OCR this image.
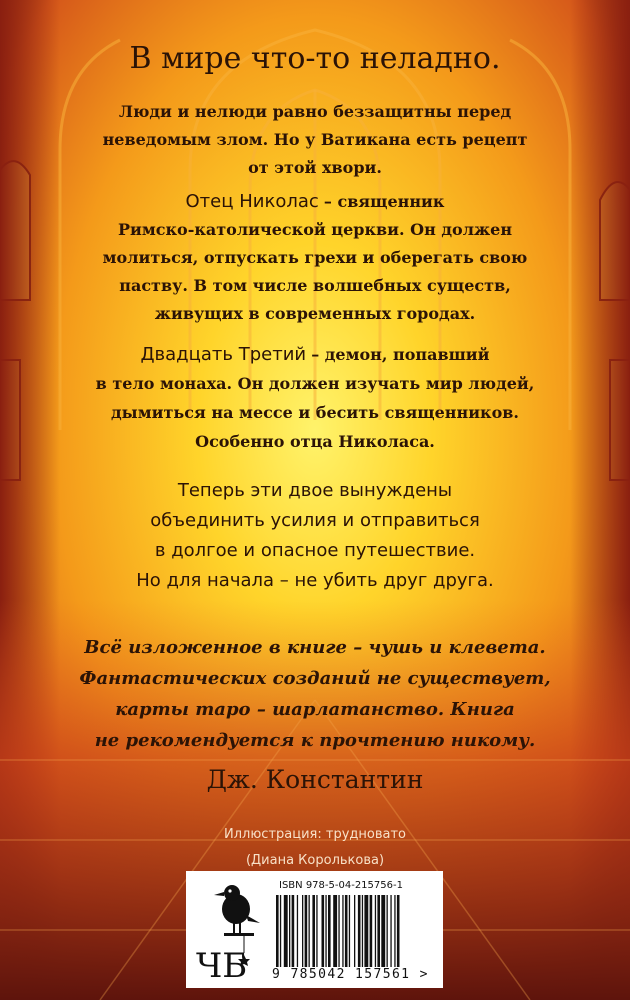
В мире что-то неладно.
Люди и нелюди равно беззащитны перед
неведомым злом. Но у Ватикана есть рецепт
от этой хвори.
Отец Николас – священник
Римско-католической церкви. Он должен
молиться, отпускать грехи и оберегать свою
паству. В том числе волшебных существ,
живущих в современных городах.
Двадцать Третий – демон, попавший
в тело монаха. Он должен изучать мир людей,
дымиться на мессе и бесить священников.
Особенно отца Николаса.
Теперь эти двое вынуждены
объединить усилия и отправиться
в долгое и опасное путешествие.
Но для начала – не убить друг друга.
Всё изложенное в книге – чушь и клевета.
Фантастических созданий не существует,
карты таро – шарлатанство. Книга
не рекомендуется к прочтению никому.
Дж. Константин
Иллюстрация: трудновато
(Диана Королькова)
ЧБ
ISBN 978-5-04-215756-1
9 785042 157561 >
